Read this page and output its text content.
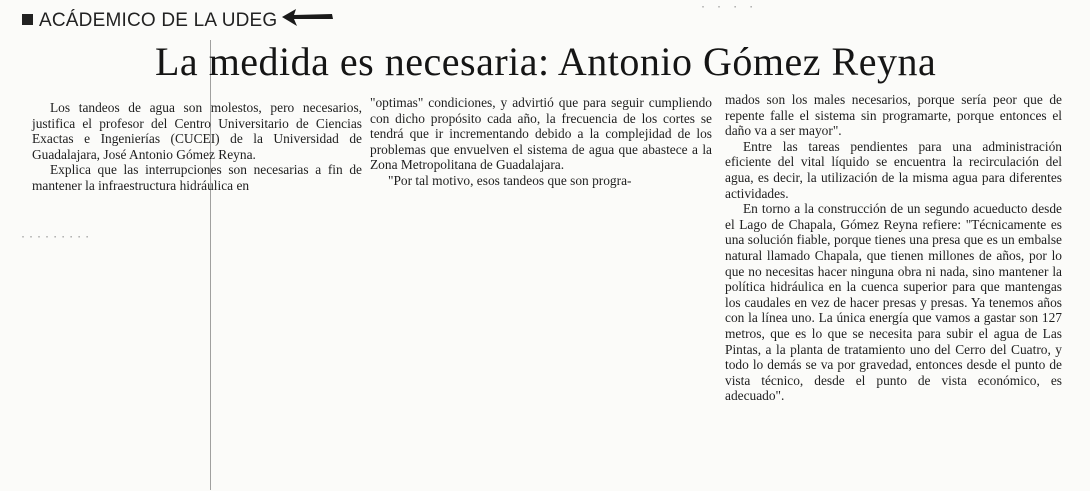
·········
· · · ·
ACÁDEMICO DE LA UDEG
La medida es necesaria: Antonio Gómez Reyna

Los tandeos de agua son molestos, pero necesarios, justifica el profesor del Centro Universitario de Ciencias Exactas e Ingenierías (CUCEI) de la Universidad de Guadalajara, José Antonio Gómez Reyna.

Explica que las interrupciones son necesarias a fin de mantener la infraestructura hidráulica en

"optimas" condiciones, y advirtió que para seguir cumpliendo con dicho propósito cada año, la frecuencia de los cortes se tendrá que ir incrementando debido a la complejidad de los problemas que envuelven el sistema de agua que abastece a la Zona Metropolitana de Guadalajara.

"Por tal motivo, esos tandeos que son progra-

mados son los males necesarios, porque sería peor que de repente falle el sistema sin programarte, porque entonces el daño va a ser mayor".

Entre las tareas pendientes para una administración eficiente del vital líquido se encuentra la recirculación del agua, es decir, la utilización de la misma agua para diferentes actividades.

En torno a la construcción de un segundo acueducto desde el Lago de Chapala, Gómez Reyna refiere: "Técnicamente es una solución fiable, porque tienes una presa que es un embalse natural llamado Chapala, que tienen millones de años, por lo que no necesitas hacer ninguna obra ni nada, sino mantener la política hidráulica en la cuenca superior para que mantengas los caudales en vez de hacer presas y presas. Ya tenemos años con la línea uno. La única energía que vamos a gastar son 127 metros, que es lo que se necesita para subir el agua de Las Pintas, a la planta de tratamiento uno del Cerro del Cuatro, y todo lo demás se va por gravedad, entonces desde el punto de vista técnico, desde el punto de vista económico, es adecuado".
